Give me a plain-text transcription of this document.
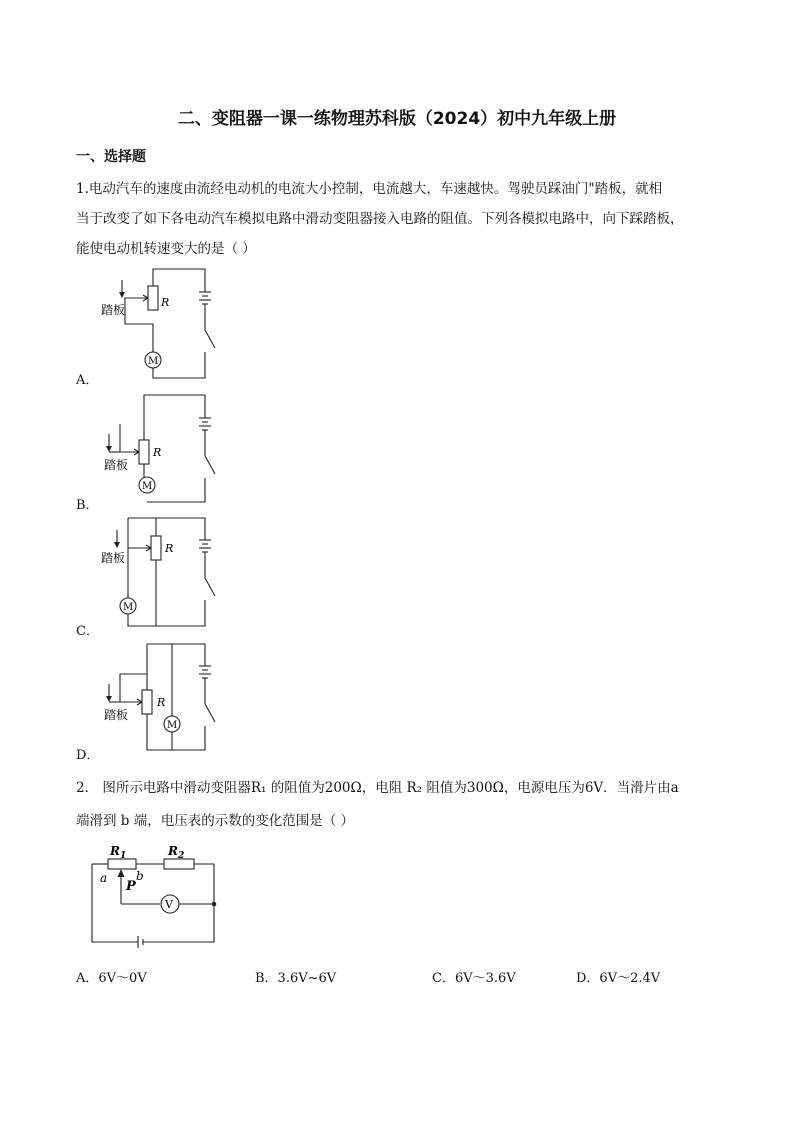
二、变阻器一课一练物理苏科版（2024）初中九年级上册
一、选择题
1.电动汽车的速度由流经电动机的电流大小控制，电流越大，车速越快。驾驶员踩油门"踏板，就相
当于改变了如下各电动汽车模拟电路中滑动变阻器接入电路的阻值。下列各模拟电路中，向下踩踏板，
能使电动机转速变大的是（ ）
M
踏板
R
A．
M
踏板
R
B．
M
踏板
R
C．
M
踏板
R
D．
2． 图所示电路中滑动变阻器R₁ 的阻值为200Ω，电阻 R₂ 阻值为300Ω，电源电压为6V．当滑片由a
端滑到 b 端，电压表的示数的变化范围是（ ）
V
$R_1$	$R_2$
a b
P
A．6V～0V	B．3.6V~6V	C．6V～3.6V	D．6V～2.4V
